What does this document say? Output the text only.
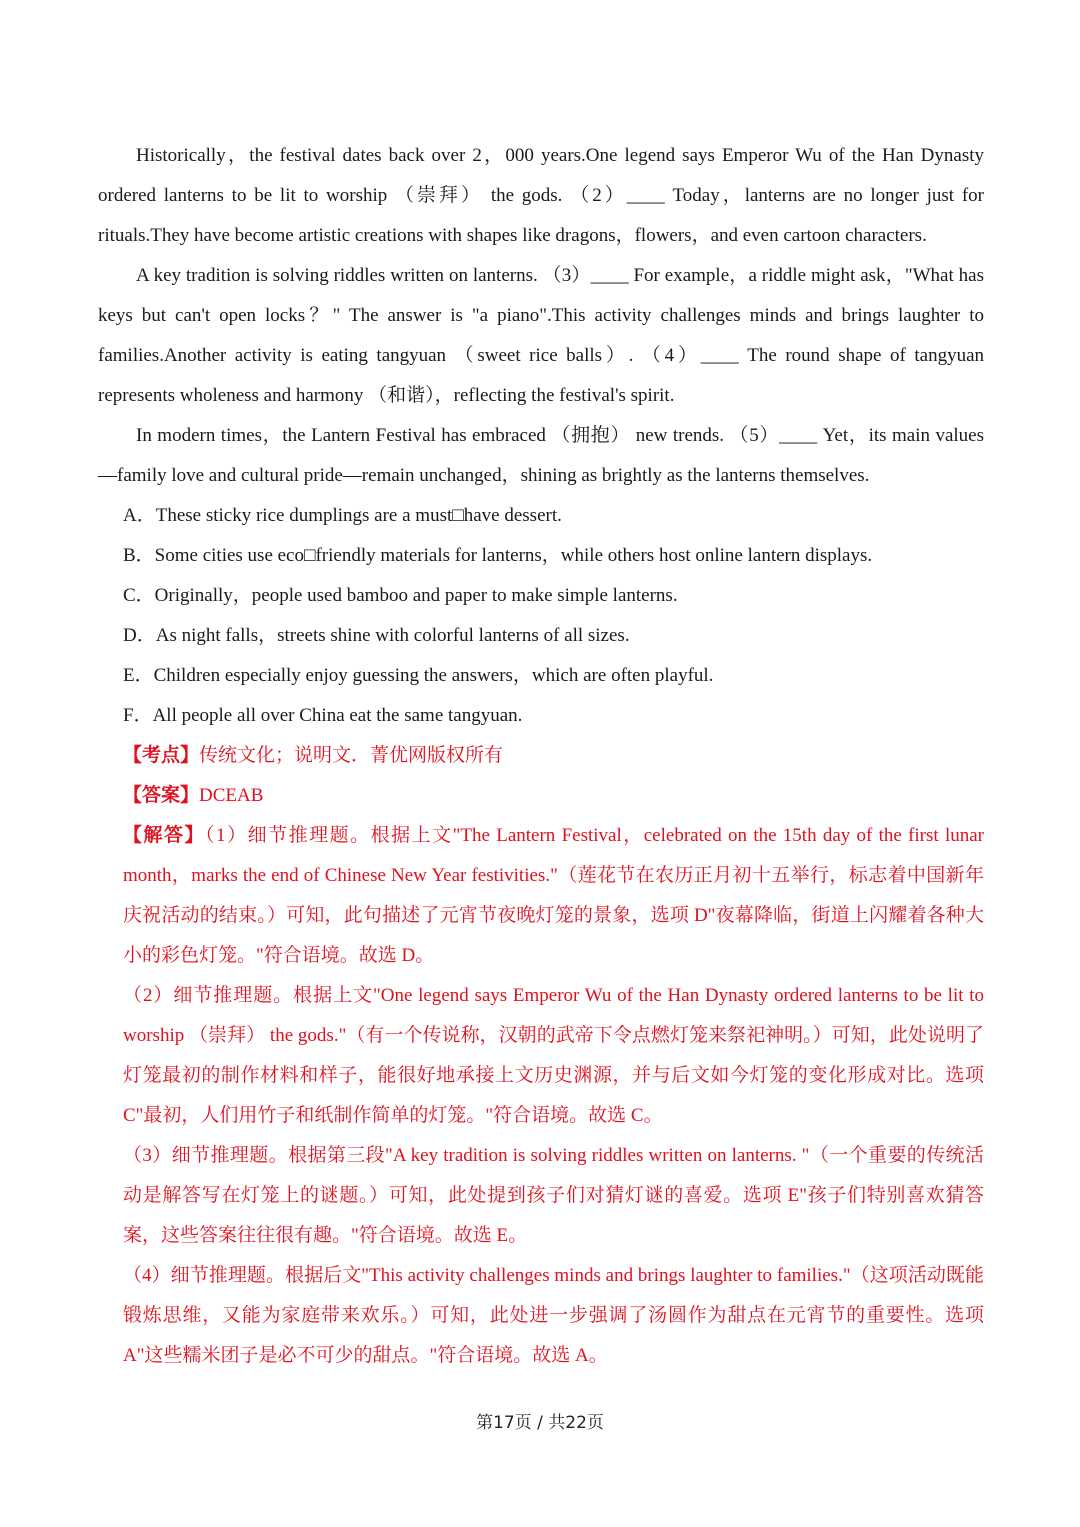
Historically，the festival dates back over 2，000 years.One legend says Emperor Wu of the Han Dynasty ordered lanterns to be lit to worship （崇拜） the gods. （2）____ Today，lanterns are no longer just for rituals.They have become artistic creations with shapes like dragons，flowers，and even cartoon characters.
A key tradition is solving riddles written on lanterns. （3）____ For example，a riddle might ask，"What has keys but can't open locks？" The answer is "a piano".This activity challenges minds and brings laughter to families.Another activity is eating tangyuan （sweet rice balls）. （4）____ The round shape of tangyuan represents wholeness and harmony （和谐），reflecting the festival's spirit.
In modern times，the Lantern Festival has embraced （拥抱） new trends. （5）____ Yet，its main values—family love and cultural pride—remain unchanged，shining as brightly as the lanterns themselves.
A．These sticky rice dumplings are a must□have dessert.
B．Some cities use eco□friendly materials for lanterns，while others host online lantern displays.
C．Originally，people used bamboo and paper to make simple lanterns.
D．As night falls，streets shine with colorful lanterns of all sizes.
E．Children especially enjoy guessing the answers，which are often playful.
F．All people all over China eat the same tangyuan.
【考点】传统文化；说明文．菁优网版权所有
【答案】DCEAB
【解答】（1）细节推理题。根据上文"The Lantern Festival，celebrated on the 15th day of the first lunar month，marks the end of Chinese New Year festivities."（莲花节在农历正月初十五举行，标志着中国新年庆祝活动的结束。）可知，此句描述了元宵节夜晚灯笼的景象，选项 D"夜幕降临，街道上闪耀着各种大小的彩色灯笼。"符合语境。故选 D。
（2）细节推理题。根据上文"One legend says Emperor Wu of the Han Dynasty ordered lanterns to be lit to worship （崇拜） the gods."（有一个传说称，汉朝的武帝下令点燃灯笼来祭祀神明。）可知，此处说明了灯笼最初的制作材料和样子，能很好地承接上文历史渊源，并与后文如今灯笼的变化形成对比。选项 C"最初，人们用竹子和纸制作简单的灯笼。"符合语境。故选 C。
（3）细节推理题。根据第三段"A key tradition is solving riddles written on lanterns. "（一个重要的传统活动是解答写在灯笼上的谜题。）可知，此处提到孩子们对猜灯谜的喜爱。选项 E"孩子们特别喜欢猜答案，这些答案往往很有趣。"符合语境。故选 E。
（4）细节推理题。根据后文"This activity challenges minds and brings laughter to families."（这项活动既能锻炼思维，又能为家庭带来欢乐。）可知，此处进一步强调了汤圆作为甜点在元宵节的重要性。选项 A"这些糯米团子是必不可少的甜点。"符合语境。故选 A。
第17页 / 共22页
